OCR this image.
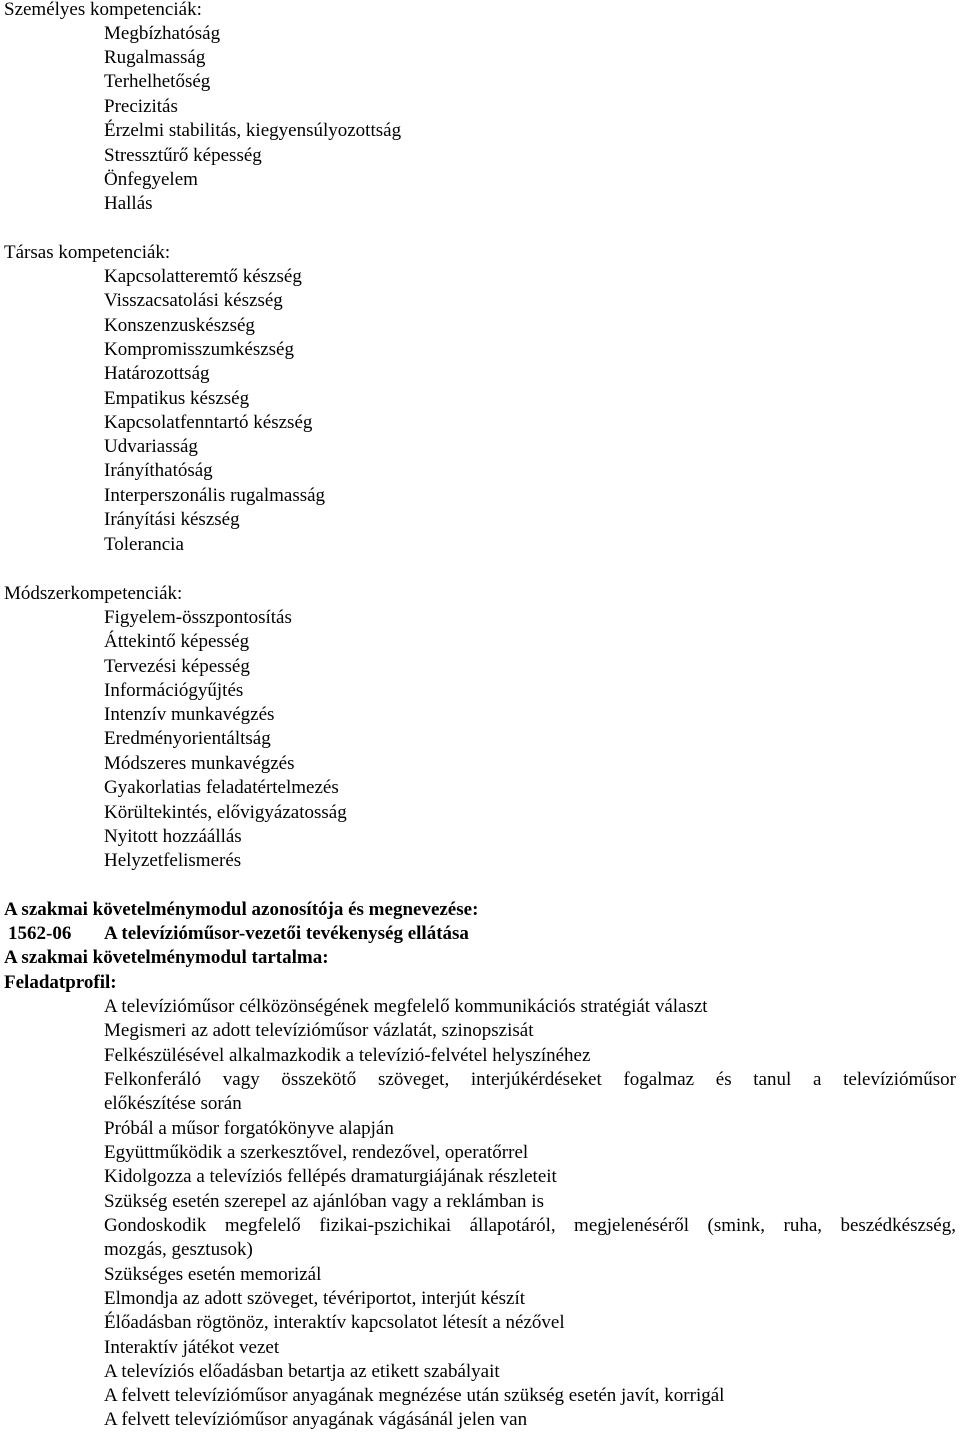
Személyes kompetenciák:
Megbízhatóság
Rugalmasság
Terhelhetőség
Precizitás
Érzelmi stabilitás, kiegyensúlyozottság
Stressztűrő képesség
Önfegyelem
Hallás
Társas kompetenciák:
Kapcsolatteremtő készség
Visszacsatolási készség
Konszenzuskészség
Kompromisszumkészség
Határozottság
Empatikus készség
Kapcsolatfenntartó készség
Udvariasság
Irányíthatóság
Interperszonális rugalmasság
Irányítási készség
Tolerancia
Módszerkompetenciák:
Figyelem-összpontosítás
Áttekintő képesség
Tervezési képesség
Információgyűjtés
Intenzív munkavégzés
Eredményorientáltság
Módszeres munkavégzés
Gyakorlatias feladatértelmezés
Körültekintés, elővigyázatosság
Nyitott hozzáállás
Helyzetfelismerés
A szakmai követelménymodul azonosítója és megnevezése:
1562-06 A televízióműsor-vezetői tevékenység ellátása
A szakmai követelménymodul tartalma:
Feladatprofil:
A televízióműsor célközönségének megfelelő kommunikációs stratégiát választ
Megismeri az adott televízióműsor vázlatát, szinopszisát
Felkészülésével alkalmazkodik a televízió-felvétel helyszínéhez
Felkonferáló vagy összekötő szöveget, interjúkérdéseket fogalmaz és tanul a televízióműsor
előkészítése során
Próbál a műsor forgatókönyve alapján
Együttműködik a szerkesztővel, rendezővel, operatőrrel
Kidolgozza a televíziós fellépés dramaturgiájának részleteit
Szükség esetén szerepel az ajánlóban vagy a reklámban is
Gondoskodik megfelelő fizikai-pszichikai állapotáról, megjelenéséről (smink, ruha, beszédkészség,
mozgás, gesztusok)
Szükséges esetén memorizál
Elmondja az adott szöveget, tévériportot, interjút készít
Élőadásban rögtönöz, interaktív kapcsolatot létesít a nézővel
Interaktív játékot vezet
A televíziós előadásban betartja az etikett szabályait
A felvett televízióműsor anyagának megnézése után szükség esetén javít, korrigál
A felvett televízióműsor anyagának vágásánál jelen van
